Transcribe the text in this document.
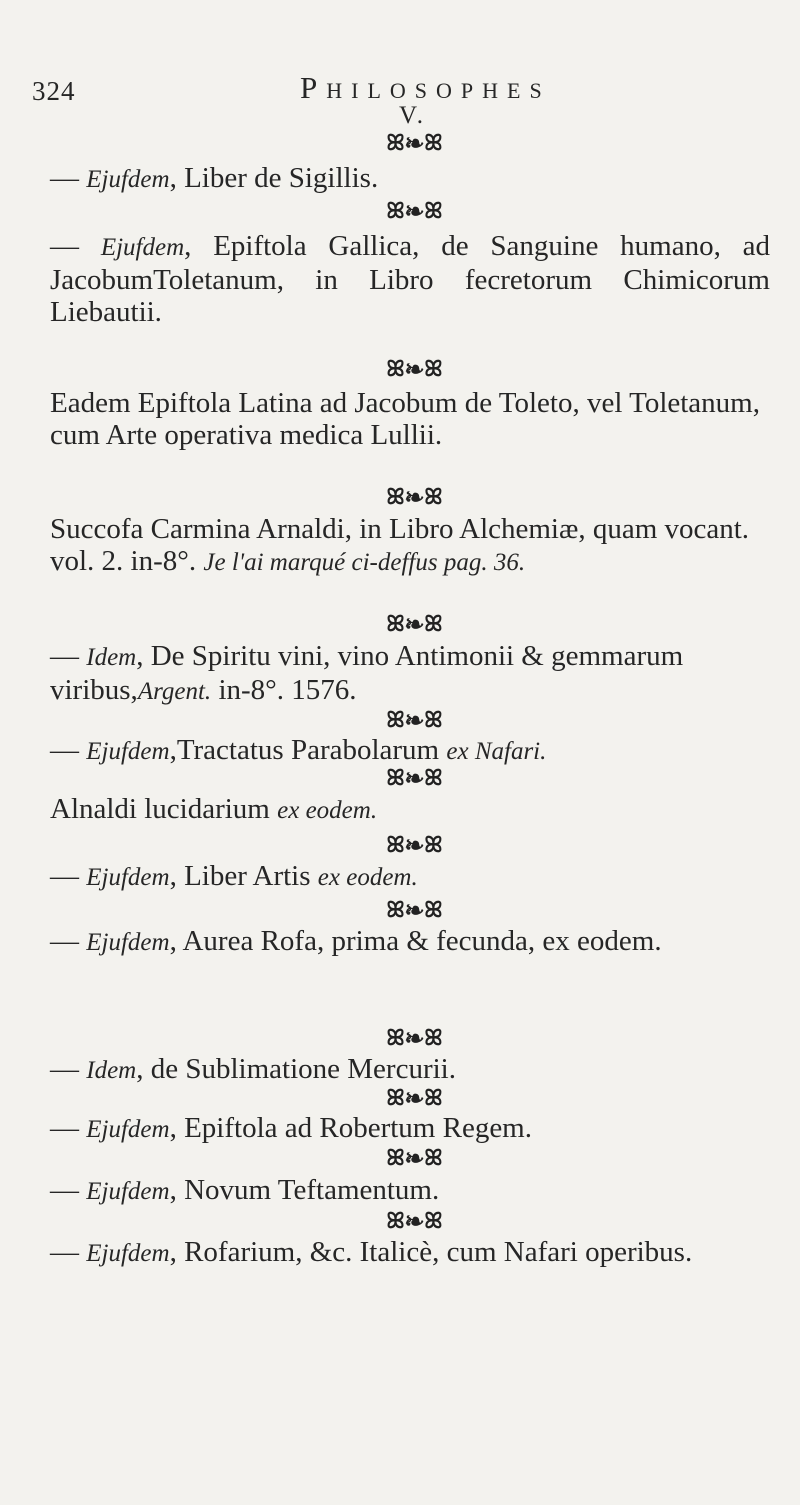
324	Philosophes
V.
ꕤ❧ꕤ
— Ejufdem, Liber de Sigillis.
ꕤ❧ꕤ
— Ejufdem, Epiftola Gallica, de Sanguine humano, ad JacobumToletanum, in Libro fecretorum Chimicorum Liebautii.
ꕤ❧ꕤ
Eadem Epiftola Latina ad Jacobum de Toleto, vel Toletanum, cum Arte operativa medica Lullii.
ꕤ❧ꕤ
Succofa Carmina Arnaldi, in Libro Alchemiæ, quam vocant. vol. 2. in-8°. Je l'ai marqué ci-deffus pag. 36.
ꕤ❧ꕤ
— Idem, De Spiritu vini, vino Antimonii & gemmarum viribus,Argent. in-8°. 1576.
ꕤ❧ꕤ
— Ejufdem,Tractatus Parabolarum ex Nafari.
ꕤ❧ꕤ
Alnaldi lucidarium ex eodem.
ꕤ❧ꕤ
— Ejufdem, Liber Artis ex eodem.
ꕤ❧ꕤ
— Ejufdem, Aurea Rofa, prima & fecunda, ex eodem.
ꕤ❧ꕤ
— Idem, de Sublimatione Mercurii.
ꕤ❧ꕤ
— Ejufdem, Epiftola ad Robertum Regem.
ꕤ❧ꕤ
— Ejufdem, Novum Teftamentum.
ꕤ❧ꕤ
— Ejufdem, Rofarium, &c. Italicè, cum Nafari operibus.
